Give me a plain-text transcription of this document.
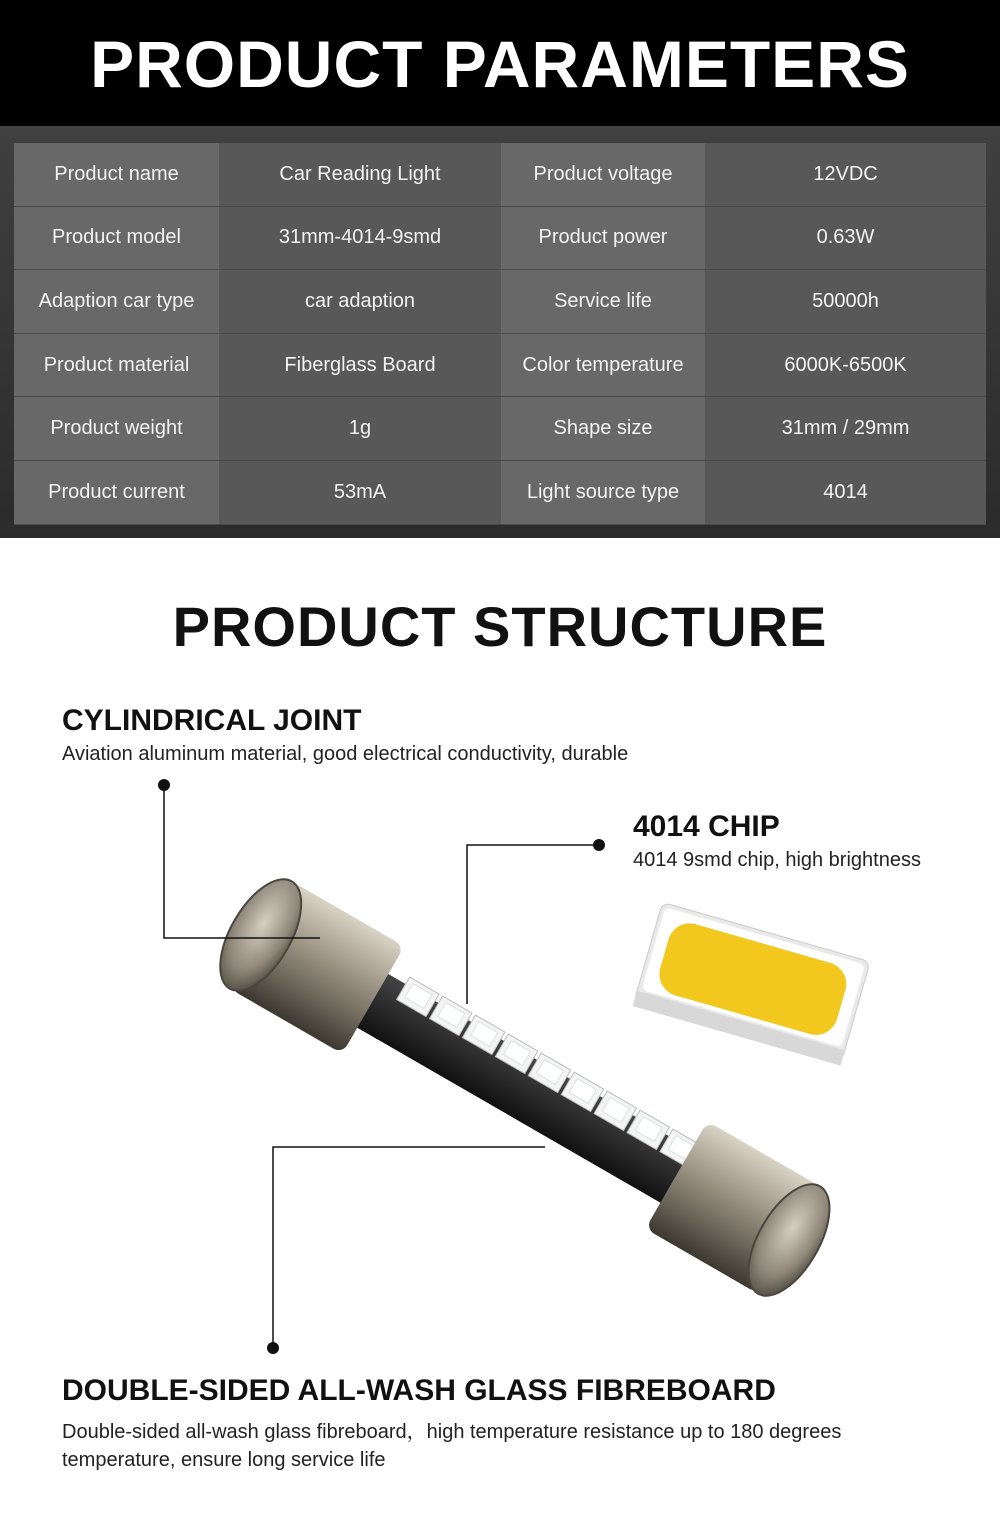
PRODUCT PARAMETERS
Product name	Car Reading Light	Product voltage	12VDC
Product model	31mm-4014-9smd	Product power	0.63W
Adaption car type	car adaption	Service life	50000h
Product material	Fiberglass Board	Color temperature	6000K-6500K
Product weight	1g	Shape size	31mm / 29mm
Product current	53mA	Light source type	4014
PRODUCT STRUCTURE
CYLINDRICAL JOINT
Aviation aluminum material, good electrical conductivity, durable
4014 CHIP
4014 9smd chip, high brightness
DOUBLE-SIDED ALL-WASH GLASS FIBREBOARD
Double-sided all-wash glass fibreboard，high temperature resistance up to 180 degrees
temperature, ensure long service life
